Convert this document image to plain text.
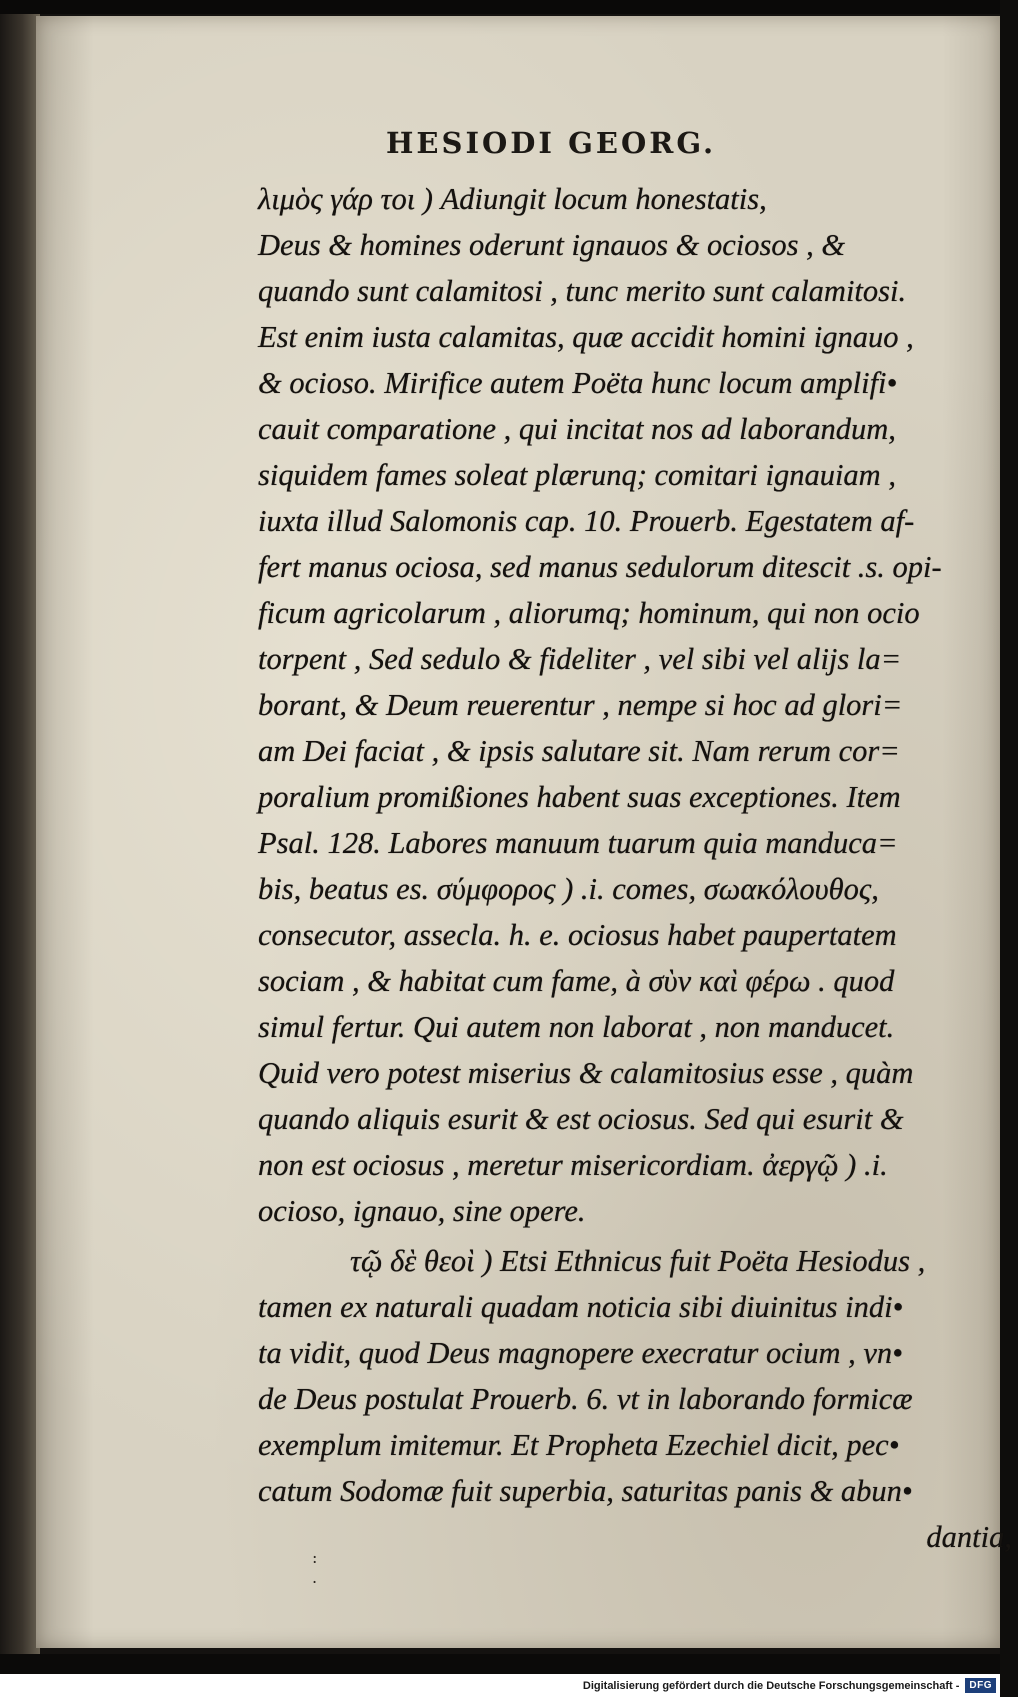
HESIODI GEORG.
λιμὸς γάρ τοι ) Adiungit locum honestatis,
Deus & homines oderunt ignauos & ociosos , &
quando sunt calamitosi , tunc merito sunt calamitosi.
Est enim iusta calamitas, quæ accidit homini ignauo ,
& ocioso. Mirifice autem Poëta hunc locum amplifi•
cauit comparatione , qui incitat nos ad laborandum,
siquidem fames soleat plærunq; comitari ignauiam ,
iuxta illud Salomonis cap. 10. Prouerb. Egestatem af-
fert manus ociosa, sed manus sedulorum ditescit .s. opi-
ficum agricolarum , aliorumq; hominum, qui non ocio
torpent , Sed sedulo & fideliter , vel sibi vel alijs la=
borant, & Deum reuerentur , nempe si hoc ad glori=
am Dei faciat , & ipsis salutare sit. Nam rerum cor=
poralium promißiones habent suas exceptiones. Item
Psal. 128. Labores manuum tuarum quia manduca=
bis, beatus es. σύμφορος ) .i. comes, σωακόλουθος,
consecutor, assecla. h. e. ociosus habet paupertatem
sociam , & habitat cum fame, à σὺν καὶ φέρω . quod
simul fertur. Qui autem non laborat , non manducet.
Quid vero potest miserius & calamitosius esse , quàm
quando aliquis esurit & est ociosus. Sed qui esurit &
non est ociosus , meretur misericordiam. ἀεργῷ ) .i.
ocioso, ignauo, sine opere.
τῷ δὲ θεοὶ ) Etsi Ethnicus fuit Poëta Hesiodus ,
tamen ex naturali quadam noticia sibi diuinitus indi•
ta vidit, quod Deus magnopere execratur ocium , vn•
de Deus postulat Prouerb. 6. vt in laborando formicæ
exemplum imitemur. Et Propheta Ezechiel dicit, pec•
catum Sodomæ fuit superbia, saturitas panis & abun•
dantia,
:
.
Digitalisierung gefördert durch die Deutsche Forschungsgemeinschaft -	DFG
